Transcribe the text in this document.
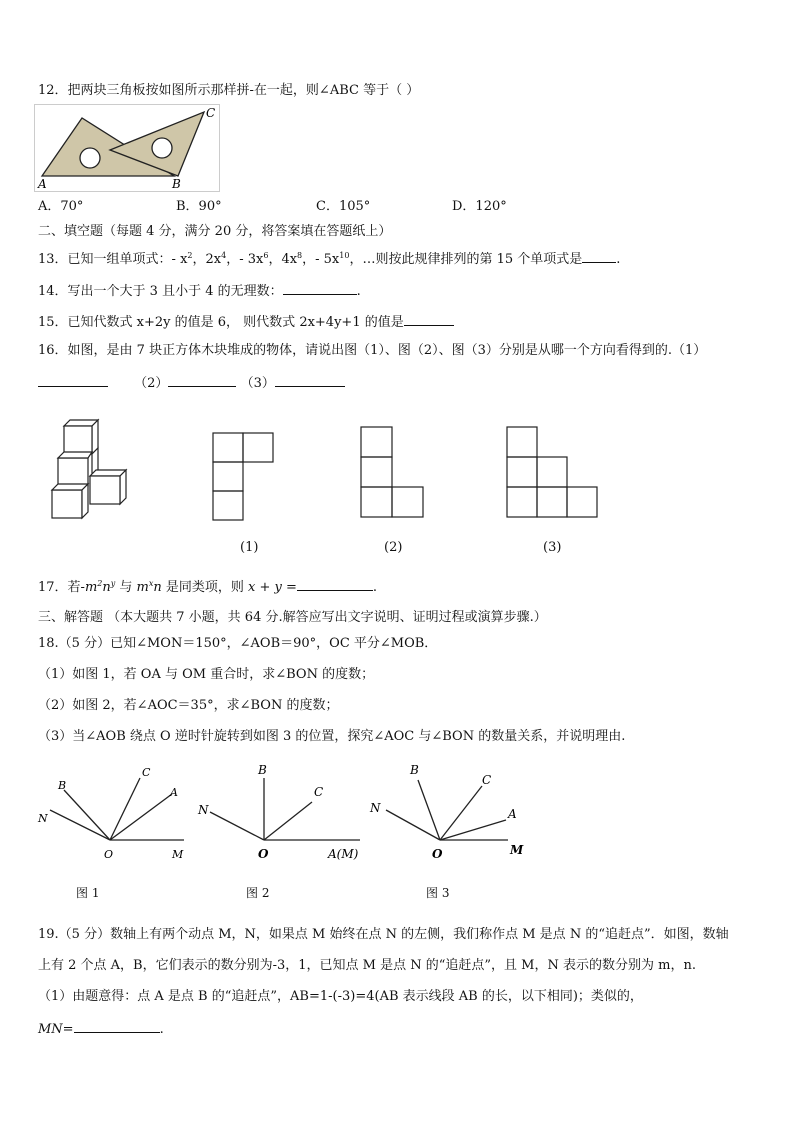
12．把两块三角板按如图所示那样拼-在一起，则∠ABC 等于（ ）
A	B
C
A．70°	B．90°	C．105°	D．120°
二、填空题（每题 4 分，满分 20 分，将答案填在答题纸上）
13．已知一组单项式：- $x^2$，$2x^4$，- $3x^6$，$4x^8$，- $5x^{10}$，…则按此规律排列的第 15 个单项式是	.
14．写出一个大于 3 且小于 4 的无理数：	.
15．已知代数式 x+2y 的值是 6， 则代数式 2x+4y+1 的值是
16．如图，是由 7 块正方体木块堆成的物体，请说出图（1）、图（2）、图（3）分别是从哪一个方向看得到的.（1）
（2）	（3）
(1)	(2)	(3)
17．若$-m^2n^y$ 与 $m^xn$ 是同类项，则 x + y =	.
三、解答题 （本大题共 7 小题，共 64 分.解答应写出文字说明、证明过程或演算步骤.）
18.（5 分）已知∠MON＝150°，∠AOB＝90°，OC 平分∠MOB．
（1）如图 1，若 OA 与 OM 重合时，求∠BON 的度数；
（2）如图 2，若∠AOC＝35°，求∠BON 的度数；
（3）当∠AOB 绕点 O 逆时针旋转到如图 3 的位置，探究∠AOC 与∠BON 的数量关系，并说明理由.
B
C
A
N
O	M
图 1
B
C
N
O	A(M)
图 2
B
C
A
N
O	M
图 3
19.（5 分）数轴上有两个动点 M，N，如果点 M 始终在点 N 的左侧，我们称作点 M 是点 N 的“追赶点”．如图，数轴
上有 2 个点 A，B，它们表示的数分别为-3，1，已知点 M 是点 N 的“追赶点”，且 M，N 表示的数分别为 m，n.
（1）由题意得：点 A 是点 B 的“追赶点”，AB=1-(-3)=4(AB 表示线段 AB 的长，以下相同)；类似的，
MN=	.
